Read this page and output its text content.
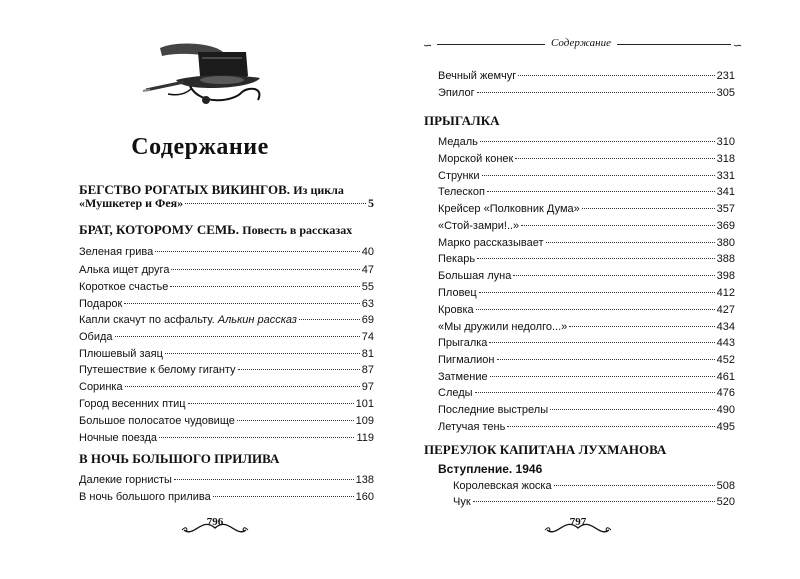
Содержание
БЕГСТВО РОГАТЫХ ВИКИНГОВ. Из цикла
«Мушкетер и Фея»	5
БРАТ, КОТОРОМУ СЕМЬ. Повесть в рассказах
Зеленая грива	40
Алька ищет друга	47
Короткое счастье	55
Подарок	63
Капли скачут по асфальту. Алькин рассказ	69
Обида	74
Плюшевый заяц	81
Путешествие к белому гиганту	87
Соринка	97
Город весенних птиц	101
Большое полосатое чудовище	109
Ночные поезда	119
В НОЧЬ БОЛЬШОГО ПРИЛИВА
Далекие горнисты	138
В ночь большого прилива	160
796
∽	Содержание	∽
Вечный жемчуг	231
Эпилог	305
ПРЫГАЛКА
Медаль	310
Морской конек	318
Струнки	331
Телескоп	341
Крейсер «Полковник Дума»	357
«Стой-замри!..»	369
Марко рассказывает	380
Пекарь	388
Большая луна	398
Пловец	412
Кровка	427
«Мы дружили недолго...»	434
Прыгалка	443
Пигмалион	452
Затмение	461
Следы	476
Последние выстрелы	490
Летучая тень	495
ПЕРЕУЛОК КАПИТАНА ЛУХМАНОВА
Вступление. 1946
Королевская жоска	508
Чук	520
797
